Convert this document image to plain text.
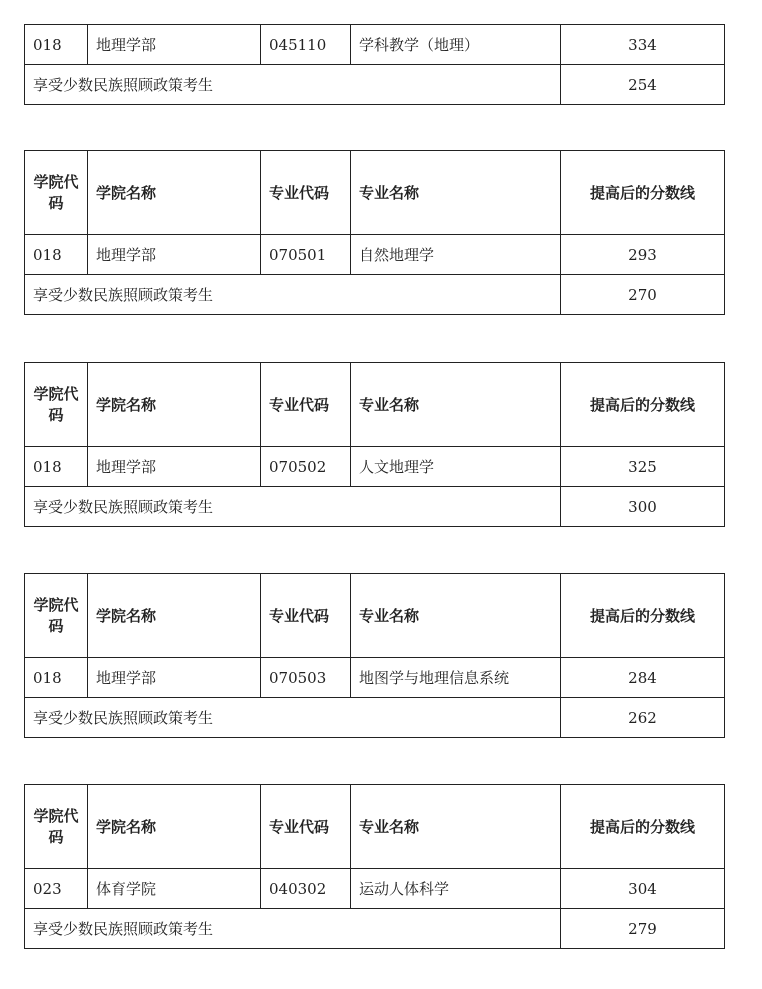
018	地理学部	045110	学科教学（地理）	334
享受少数民族照顾政策考生				254
学院代码	学院名称	专业代码	专业名称	提高后的分数线
018	地理学部	070501	自然地理学	293
享受少数民族照顾政策考生				270
学院代码	学院名称	专业代码	专业名称	提高后的分数线
018	地理学部	070502	人文地理学	325
享受少数民族照顾政策考生				300
学院代码	学院名称	专业代码	专业名称	提高后的分数线
018	地理学部	070503	地图学与地理信息系统	284
享受少数民族照顾政策考生				262
学院代码	学院名称	专业代码	专业名称	提高后的分数线
023	体育学院	040302	运动人体科学	304
享受少数民族照顾政策考生				279
